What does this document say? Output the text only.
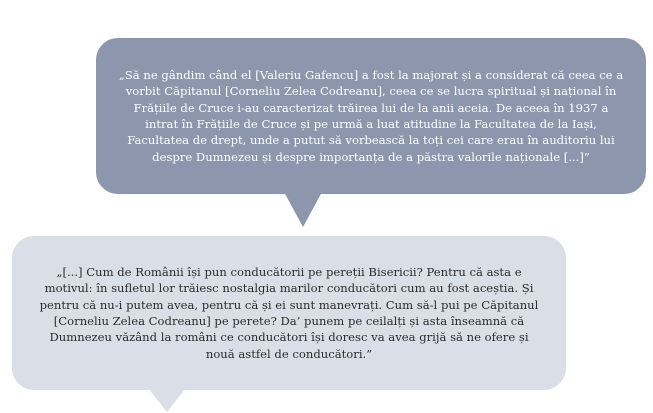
„Să ne gândim când el [Valeriu Gafencu] a fost la majorat și a considerat că ceea ce a vorbit Căpitanul [Corneliu Zelea Codreanu], ceea ce se lucra spiritual și național în Frățiile de Cruce i-au caracterizat trăirea lui de la anii aceia. De aceea în 1937 a intrat în Frățiile de Cruce și pe urmă a luat atitudine la Facultatea de la Iași, Facultatea de drept, unde a putut să vorbească la toți cei care erau în auditoriu lui despre Dumnezeu și despre importanța de a păstra valorile naționale [...]”

„[...] Cum de Românii își pun conducătorii pe pereții Bisericii? Pentru că asta e motivul: în sufletul lor trăiesc nostalgia marilor conducători cum au fost aceștia. Și pentru că nu-i putem avea, pentru că și ei sunt manevrați. Cum să-l pui pe Căpitanul [Corneliu Zelea Codreanu] pe perete? Da’ punem pe ceilalți și asta înseamnă că Dumnezeu văzând la români ce conducători își doresc va avea grijă să ne ofere și nouă astfel de conducători.”
